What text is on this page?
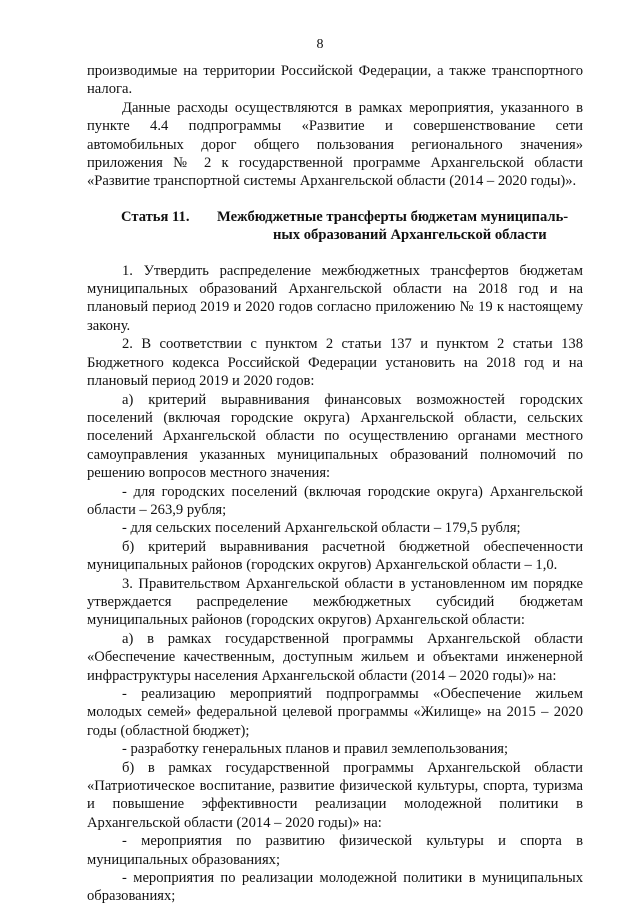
8

производимые на территории Российской Федерации, а также транспортного налога.

Данные расходы осуществляются в рамках мероприятия, указанного в пункте 4.4 подпрограммы «Развитие и совершенствование сети автомобильных дорог общего пользования регионального значения» приложения № 2 к государственной программе Архангельской области «Развитие транспортной системы Архангельской области (2014 – 2020 годы)».

Статья 11.	Межбюджетные трансферты бюджетам муниципаль-
ных образований Архангельской области

1. Утвердить распределение межбюджетных трансфертов бюджетам муниципальных образований Архангельской области на 2018 год и на плановый период 2019 и 2020 годов согласно приложению № 19 к настоящему закону.

2. В соответствии с пунктом 2 статьи 137 и пунктом 2 статьи 138 Бюджетного кодекса Российской Федерации установить на 2018 год и на плановый период 2019 и 2020 годов:

а) критерий выравнивания финансовых возможностей городских поселений (включая городские округа) Архангельской области, сельских поселений Архангельской области по осуществлению органами местного самоуправления указанных муниципальных образований полномочий по решению вопросов местного значения:

- для городских поселений (включая городские округа) Архангельской области – 263,9 рубля;

- для сельских поселений Архангельской области – 179,5 рубля;

б) критерий выравнивания расчетной бюджетной обеспеченности муниципальных районов (городских округов) Архангельской области – 1,0.

3. Правительством Архангельской области в установленном им порядке утверждается распределение межбюджетных субсидий бюджетам муниципальных районов (городских округов) Архангельской области:

а) в рамках государственной программы Архангельской области «Обеспечение качественным, доступным жильем и объектами инженерной инфраструктуры населения Архангельской области (2014 – 2020 годы)» на:

- реализацию мероприятий подпрограммы «Обеспечение жильем молодых семей» федеральной целевой программы «Жилище» на 2015 – 2020 годы (областной бюджет);

- разработку генеральных планов и правил землепользования;

б) в рамках государственной программы Архангельской области «Патриотическое воспитание, развитие физической культуры, спорта, туризма и повышение эффективности реализации молодежной политики в Архангельской области (2014 – 2020 годы)» на:

- мероприятия по развитию физической культуры и спорта в муниципальных образованиях;

- мероприятия по реализации молодежной политики в муниципальных образованиях;
